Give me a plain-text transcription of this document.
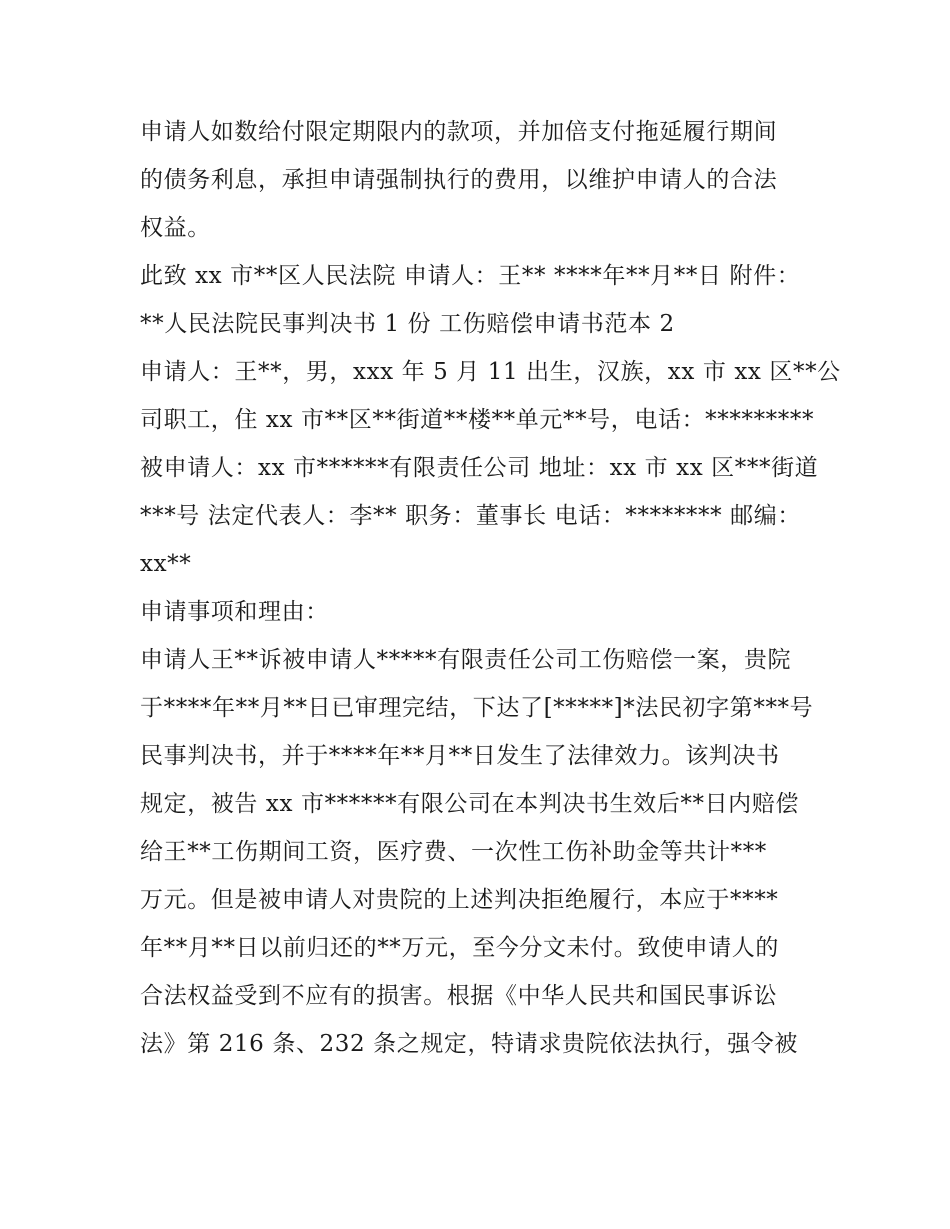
申请人如数给付限定期限内的款项，并加倍支付拖延履行期间
的债务利息，承担申请强制执行的费用，以维护申请人的合法
权益。
此致 xx 市**区人民法院 申请人：王** ****年**月**日 附件：
**人民法院民事判决书 1 份 工伤赔偿申请书范本 2
申请人：王**，男，xxx 年 5 月 11 出生，汉族，xx 市 xx 区**公
司职工，住 xx 市**区**街道**楼**单元**号，电话：*********
被申请人：xx 市******有限责任公司 地址：xx 市 xx 区***街道
***号 法定代表人：李** 职务：董事长 电话：******** 邮编：
xx**
申请事项和理由：
申请人王**诉被申请人*****有限责任公司工伤赔偿一案，贵院
于****年**月**日已审理完结，下达了[*****]*法民初字第***号
民事判决书，并于****年**月**日发生了法律效力。该判决书
规定，被告 xx 市******有限公司在本判决书生效后**日内赔偿
给王**工伤期间工资，医疗费、一次性工伤补助金等共计***
万元。但是被申请人对贵院的上述判决拒绝履行，本应于****
年**月**日以前归还的**万元，至今分文未付。致使申请人的
合法权益受到不应有的损害。根据《中华人民共和国民事诉讼
法》第 216 条、232 条之规定，特请求贵院依法执行，强令被
